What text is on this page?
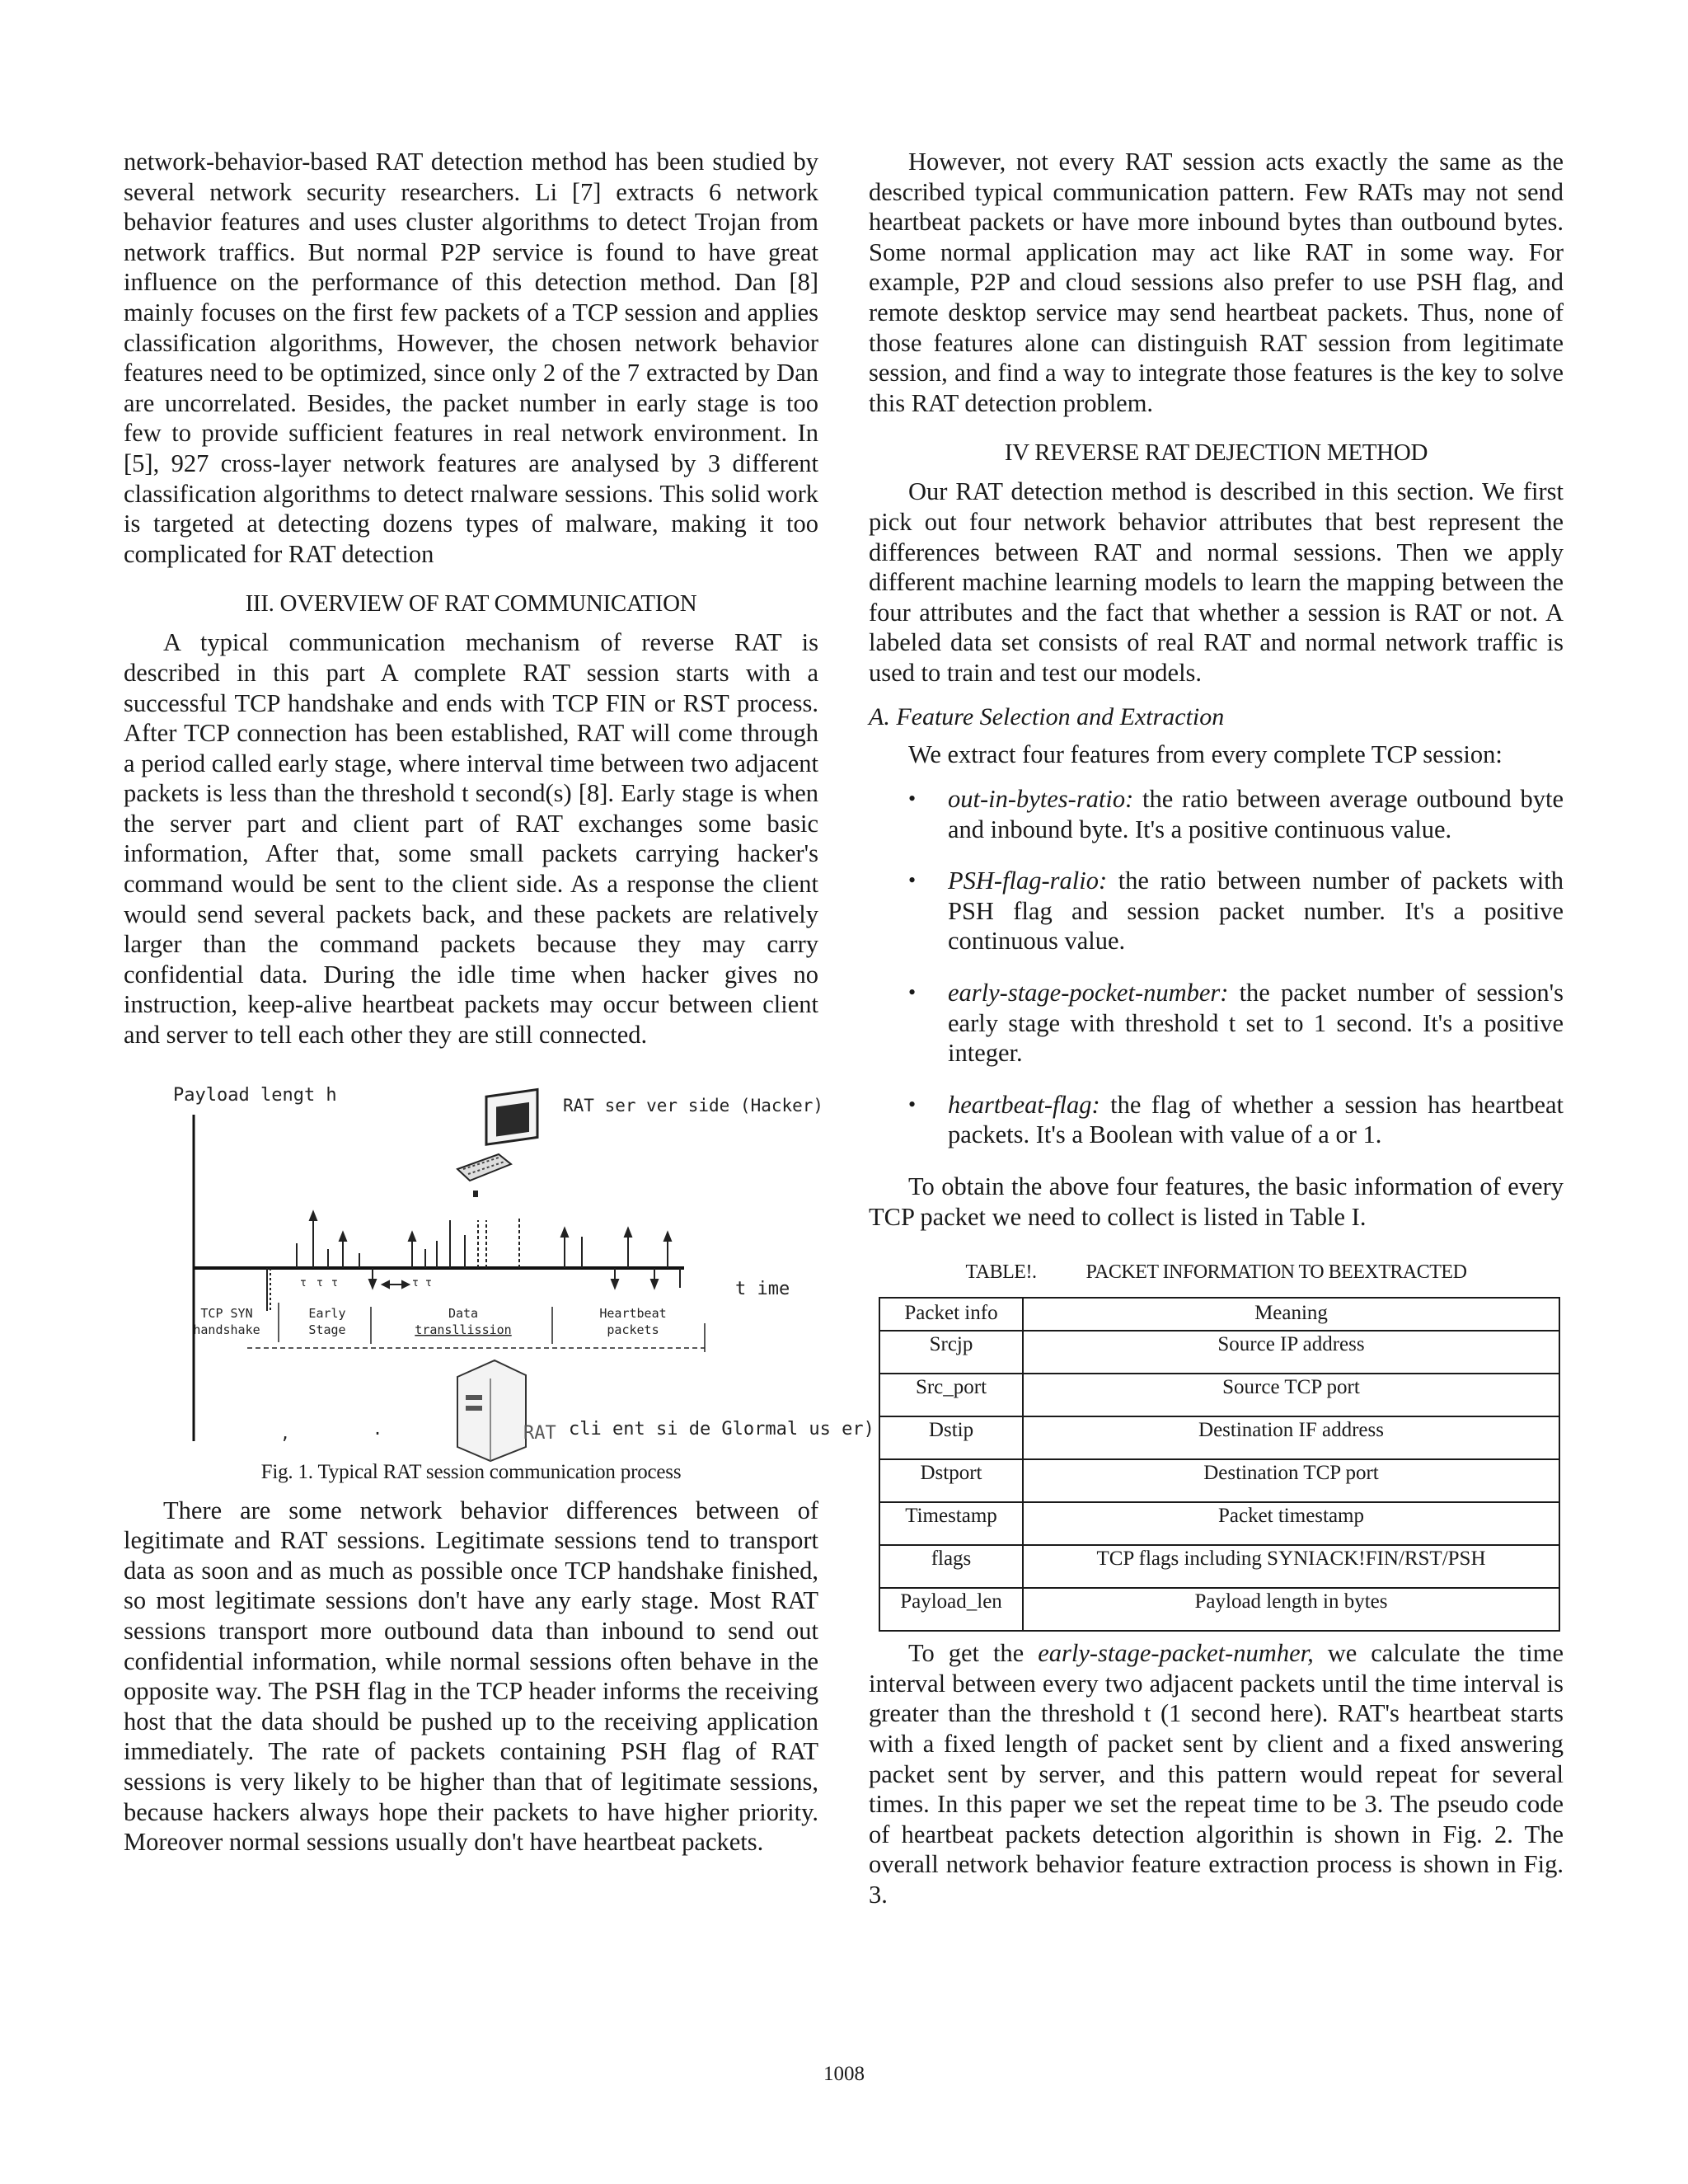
network-behavior-based RAT detection method has been studied by several network security researchers. Li [7] extracts 6 network behavior features and uses cluster algorithms to detect Trojan from network traffics. But normal P2P service is found to have great influence on the performance of this detection method. Dan [8] mainly focuses on the first few packets of a TCP session and applies classification algorithms, However, the chosen network behavior features need to be optimized, since only 2 of the 7 extracted by Dan are uncorrelated. Besides, the packet number in early stage is too few to provide sufficient features in real network environment. In [5], 927 cross-layer network features are analysed by 3 different classification algorithms to detect rnalware sessions. This solid work is targeted at detecting dozens types of malware, making it too complicated for RAT detection

III. OVERVIEW OF RAT COMMUNICATION

A typical communication mechanism of reverse RAT is described in this part A complete RAT session starts with a successful TCP handshake and ends with TCP FIN or RST process. After TCP connection has been established, RAT will come through a period called early stage, where interval time between two adjacent packets is less than the threshold t second(s) [8]. Early stage is when the server part and client part of RAT exchanges some basic information, After that, some small packets carrying hacker's command would be sent to the client side. As a response the client would send several packets back, and these packets are relatively larger than the command packets because they may carry confidential data. During the idle time when hacker gives no instruction, keep-alive heartbeat packets may occur between client and server to tell each other they are still connected.

Payload lengt h
t ime
RAT ser ver side (Hacker)
τ τ τ	τ τ
TCP SYN
handshake
Early
Stage
Data
transllission
Heartbeat
packets
RAT cli ent si de Glormal us er)
,	.
Fig. 1. Typical RAT session communication process

There are some network behavior differences between of legitimate and RAT sessions. Legitimate sessions tend to transport data as soon and as much as possible once TCP handshake finished, so most legitimate sessions don't have any early stage. Most RAT sessions transport more outbound data than inbound to send out confidential information, while normal sessions often behave in the opposite way. The PSH flag in the TCP header informs the receiving host that the data should be pushed up to the receiving application immediately. The rate of packets containing PSH flag of RAT sessions is very likely to be higher than that of legitimate sessions, because hackers always hope their packets to have higher priority. Moreover normal sessions usually don't have heartbeat packets.

However, not every RAT session acts exactly the same as the described typical communication pattern. Few RATs may not send heartbeat packets or have more inbound bytes than outbound bytes. Some normal application may act like RAT in some way. For example, P2P and cloud sessions also prefer to use PSH flag, and remote desktop service may send heartbeat packets. Thus, none of those features alone can distinguish RAT session from legitimate session, and find a way to integrate those features is the key to solve this RAT detection problem.

IV REVERSE RAT DEJECTION METHOD

Our RAT detection method is described in this section. We first pick out four network behavior attributes that best represent the differences between RAT and normal sessions. Then we apply different machine learning models to learn the mapping between the four attributes and the fact that whether a session is RAT or not. A labeled data set consists of real RAT and normal network traffic is used to train and test our models.

A. Feature Selection and Extraction

We extract four features from every complete TCP session:

• out-in-bytes-ratio: the ratio between average outbound byte and inbound byte. It's a positive continuous value.
• PSH-flag-ralio: the ratio between number of packets with PSH flag and session packet number. It's a positive continuous value.
• early-stage-pocket-number: the packet number of session's early stage with threshold t set to 1 second. It's a positive integer.
• heartbeat-flag: the flag of whether a session has heartbeat packets. It's a Boolean with value of a or 1.

To obtain the above four features, the basic information of every TCP packet we need to collect is listed in Table I.

TABLE!.	PACKET INFORMATION TO BEEXTRACTED
Packet info	Meaning
Srcjp	Source IP address
Src_port	Source TCP port
Dstip	Destination IF address
Dstport	Destination TCP port
Timestamp	Packet timestamp
flags	TCP flags including SYNIACK!FIN/RST/PSH
Payload_len	Payload length in bytes

To get the early-stage-packet-numher, we calculate the time interval between every two adjacent packets until the time interval is greater than the threshold t (1 second here). RAT's heartbeat starts with a fixed length of packet sent by client and a fixed answering packet sent by server, and this pattern would repeat for several times. In this paper we set the repeat time to be 3. The pseudo code of heartbeat packets detection algorithin is shown in Fig. 2. The overall network behavior feature extraction process is shown in Fig. 3.

1008
